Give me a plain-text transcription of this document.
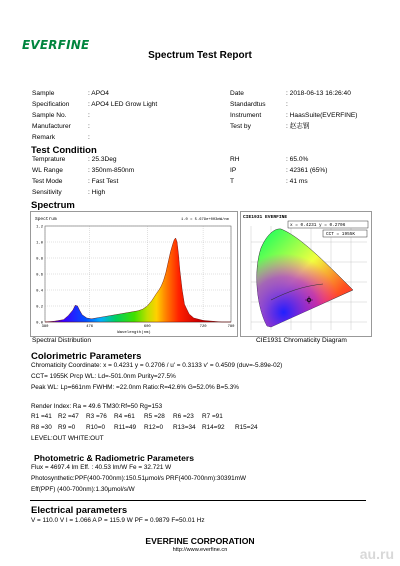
EVERFINE
Spectrum Test Report
Sample	: APO4
Specification	: APO4 LED Grow Light
Sample No.	:
Manufacturer	:
Remark	:
Date	: 2018-06-13 16:26:40
Standardtus	:
Instrument	: HaasSuite(EVERFINE)
Test by	: 赵志钢
Test Condition
Temprature	: 25.3Deg
WL Range	: 350nm-850nm
Test Mode	: Fast Test
Sensitivity	: High
RH	: 65.0%
IP	: 42361 (65%)
T	: 41 ms
Spectrum
Spectrum	1.0 = 5.679e+003mW/nm
0.0
0.2
0.4
0.6
0.8
1.0
1.2
380	476	600	720	780
Wavelength(nm)
CIE1931 EVERFINE
x = 0.4231 y = 0.2706
CCT = 1955K
Spectral Distribution	CIE1931 Chromaticity Diagram
Colorimetric Parameters
Chromaticity Coordinate: x = 0.4231 y = 0.2706 / u' = 0.3133 v' = 0.4509 (duv=-5.89e-02)
CCT= 1955K Prcp WL: Ld=-501.0nm Purity=27.5%
Peak WL: Lp=661nm FWHM: =22.0nm Ratio:R=42.6% G=52.0% B=5.3%
Render Index: Ra = 49.6 TM30:Rf=50 Rg=153
R1 =41 R2 =47 R3 =76 R4 =61 R5 =28 R6 =23 R7 =91
R8 =30 R9 =0 R10=0 R11=49 R12=0 R13=34 R14=92 R15=24
LEVEL:OUT WHITE:OUT
Photometric & Radiometric Parameters
Flux = 4697.4 lm Eff. : 40.53 lm/W Fe = 32.721 W
Photosynthetic:PPF(400-700nm):150.51μmol/s PRF(400-700nm):30391mW
Eff(PPF) (400-700nm):1.30μmol/s/W
Electrical parameters
V = 110.0 V I = 1.066 A P = 115.9 W PF = 0.9879 F=50.01 Hz
EVERFINE CORPORATION
http://www.everfine.cn	au.ru
